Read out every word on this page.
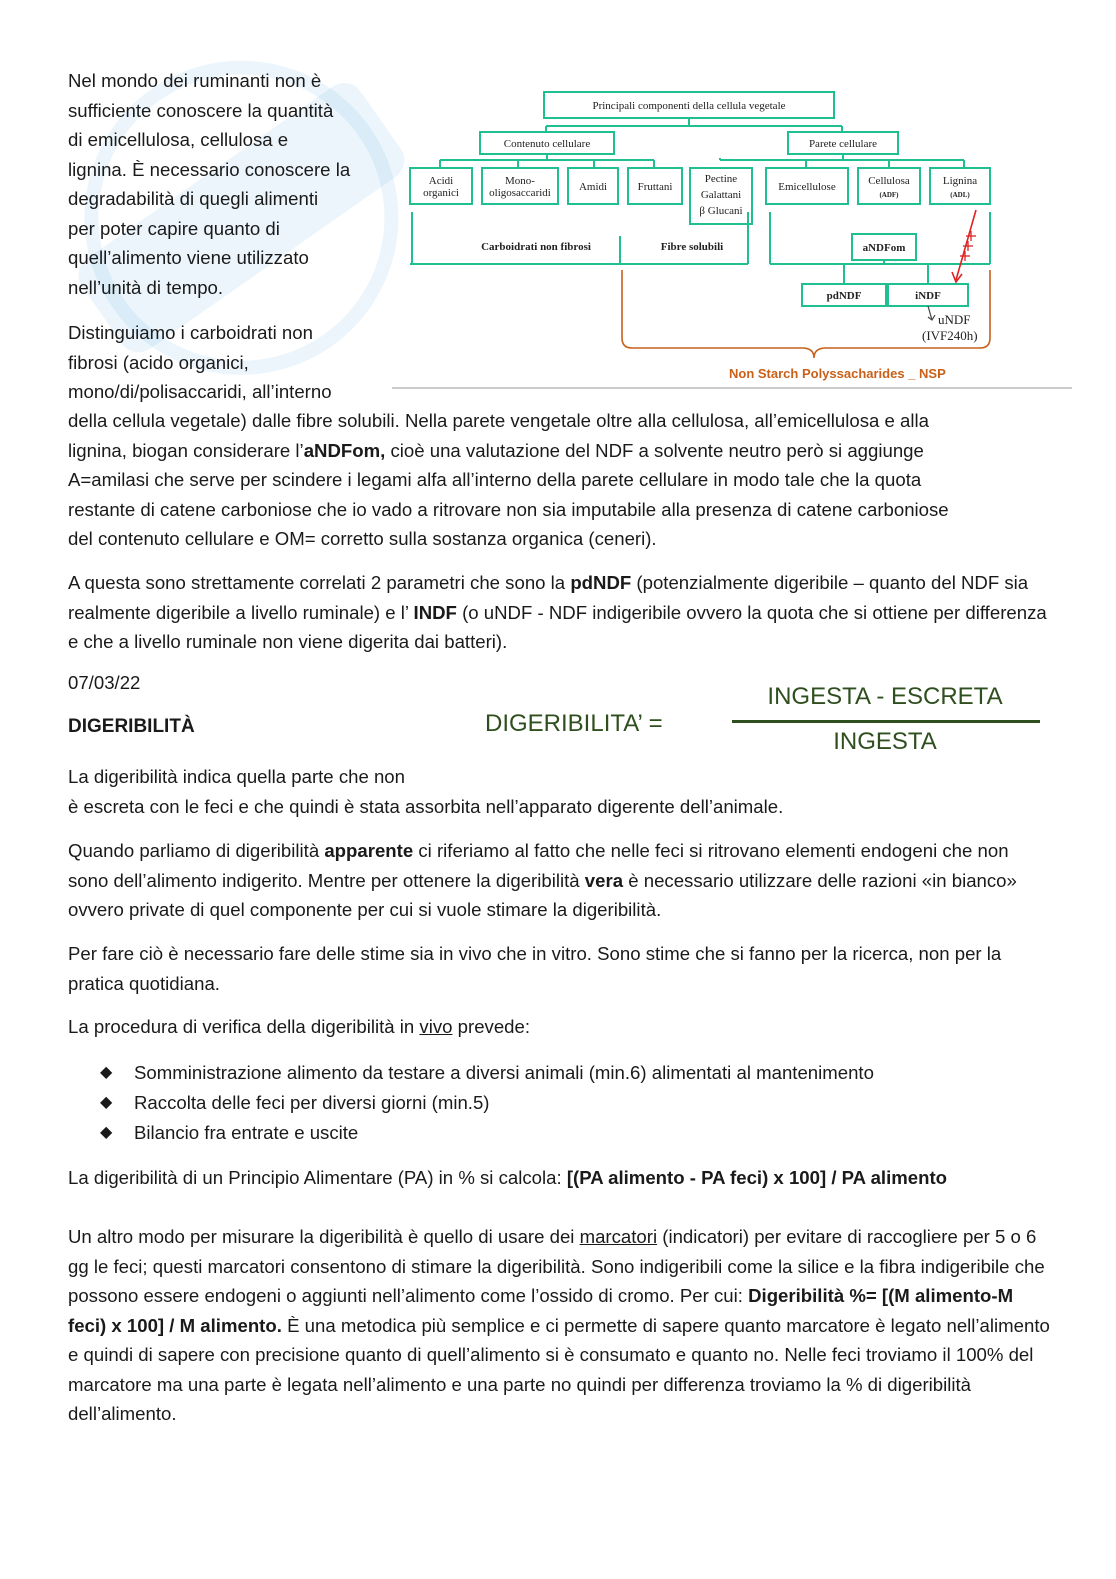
Nel mondo dei ruminanti non è
sufficiente conoscere la quantità
di emicellulosa, cellulosa e
lignina. È necessario conoscere la
degradabilità di quegli alimenti
per poter capire quanto di
quell’alimento viene utilizzato
nell’unità di tempo.
Distinguiamo i carboidrati non
fibrosi (acido organici,
mono/di/polisaccaridi, all’interno
della cellula vegetale) dalle fibre solubili. Nella parete vengetale oltre alla cellulosa, all’emicellulosa e alla
lignina, biogan considerare l’aNDFom, cioè una valutazione del NDF a solvente neutro però si aggiunge
A=amilasi che serve per scindere i legami alfa all’interno della parete cellulare in modo tale che la quota
restante di catene carboniose che io vado a ritrovare non sia imputabile alla presenza di catene carboniose
del contenuto cellulare e OM= corretto sulla sostanza organica (ceneri).
A questa sono strettamente correlati 2 parametri che sono la pdNDF (potenzialmente digeribile – quanto del NDF sia realmente digeribile a livello ruminale) e l’ INDF (o uNDF - NDF indigeribile ovvero la quota che si ottiene per differenza e che a livello ruminale non viene digerita dai batteri).
07/03/22
DIGERIBILITÀ	DIGERIBILITA’ =
INGESTA - ESCRETA
INGESTA
La digeribilità indica quella parte che non
è escreta con le feci e che quindi è stata assorbita nell’apparato digerente dell’animale.
Quando parliamo di digeribilità apparente ci riferiamo al fatto che nelle feci si ritrovano elementi endogeni che non sono dell’alimento indigerito. Mentre per ottenere la digeribilità vera è necessario utilizzare delle razioni «in bianco» ovvero private di quel componente per cui si vuole stimare la digeribilità.
Per fare ciò è necessario fare delle stime sia in vivo che in vitro. Sono stime che si fanno per la ricerca, non per la pratica quotidiana.
La procedura di verifica della digeribilità in vivo prevede:
◆	Somministrazione alimento da testare a diversi animali (min.6) alimentati al mantenimento
◆	Raccolta delle feci per diversi giorni (min.5)
◆	Bilancio fra entrate e uscite
La digeribilità di un Principio Alimentare (PA) in % si calcola: [(PA alimento - PA feci) x 100] / PA alimento
Un altro modo per misurare la digeribilità è quello di usare dei marcatori (indicatori) per evitare di raccogliere per 5 o 6 gg le feci; questi marcatori consentono di stimare la digeribilità. Sono indigeribili come la silice e la fibra indigeribile che possono essere endogeni o aggiunti nell’alimento come l’ossido di cromo. Per cui: Digeribilità %= [(M alimento-M feci) x 100] / M alimento. È una metodica più semplice e ci permette di sapere quanto marcatore è legato nell’alimento e quindi di sapere con precisione quanto di quell’alimento si è consumato e quanto no. Nelle feci troviamo il 100% del marcatore ma una parte è legata nell’alimento e una parte no quindi per differenza troviamo la % di digeribilità dell’alimento.
Principali componenti della cellula vegetale
Contenuto cellulare	Parete cellulare
Acidi
organici
Mono-
oligosaccaridi	Amidi	Fruttani
Pectine
Galattani
β Glucani
Emicellulose	Cellulosa
(ADF)
Lignina
(ADL)
Carboidrati non fibrosi	Fibre solubili	aNDFom
pdNDF	iNDF
uNDF
(IVF240h)
Non Starch Polyssacharides _ NSP
